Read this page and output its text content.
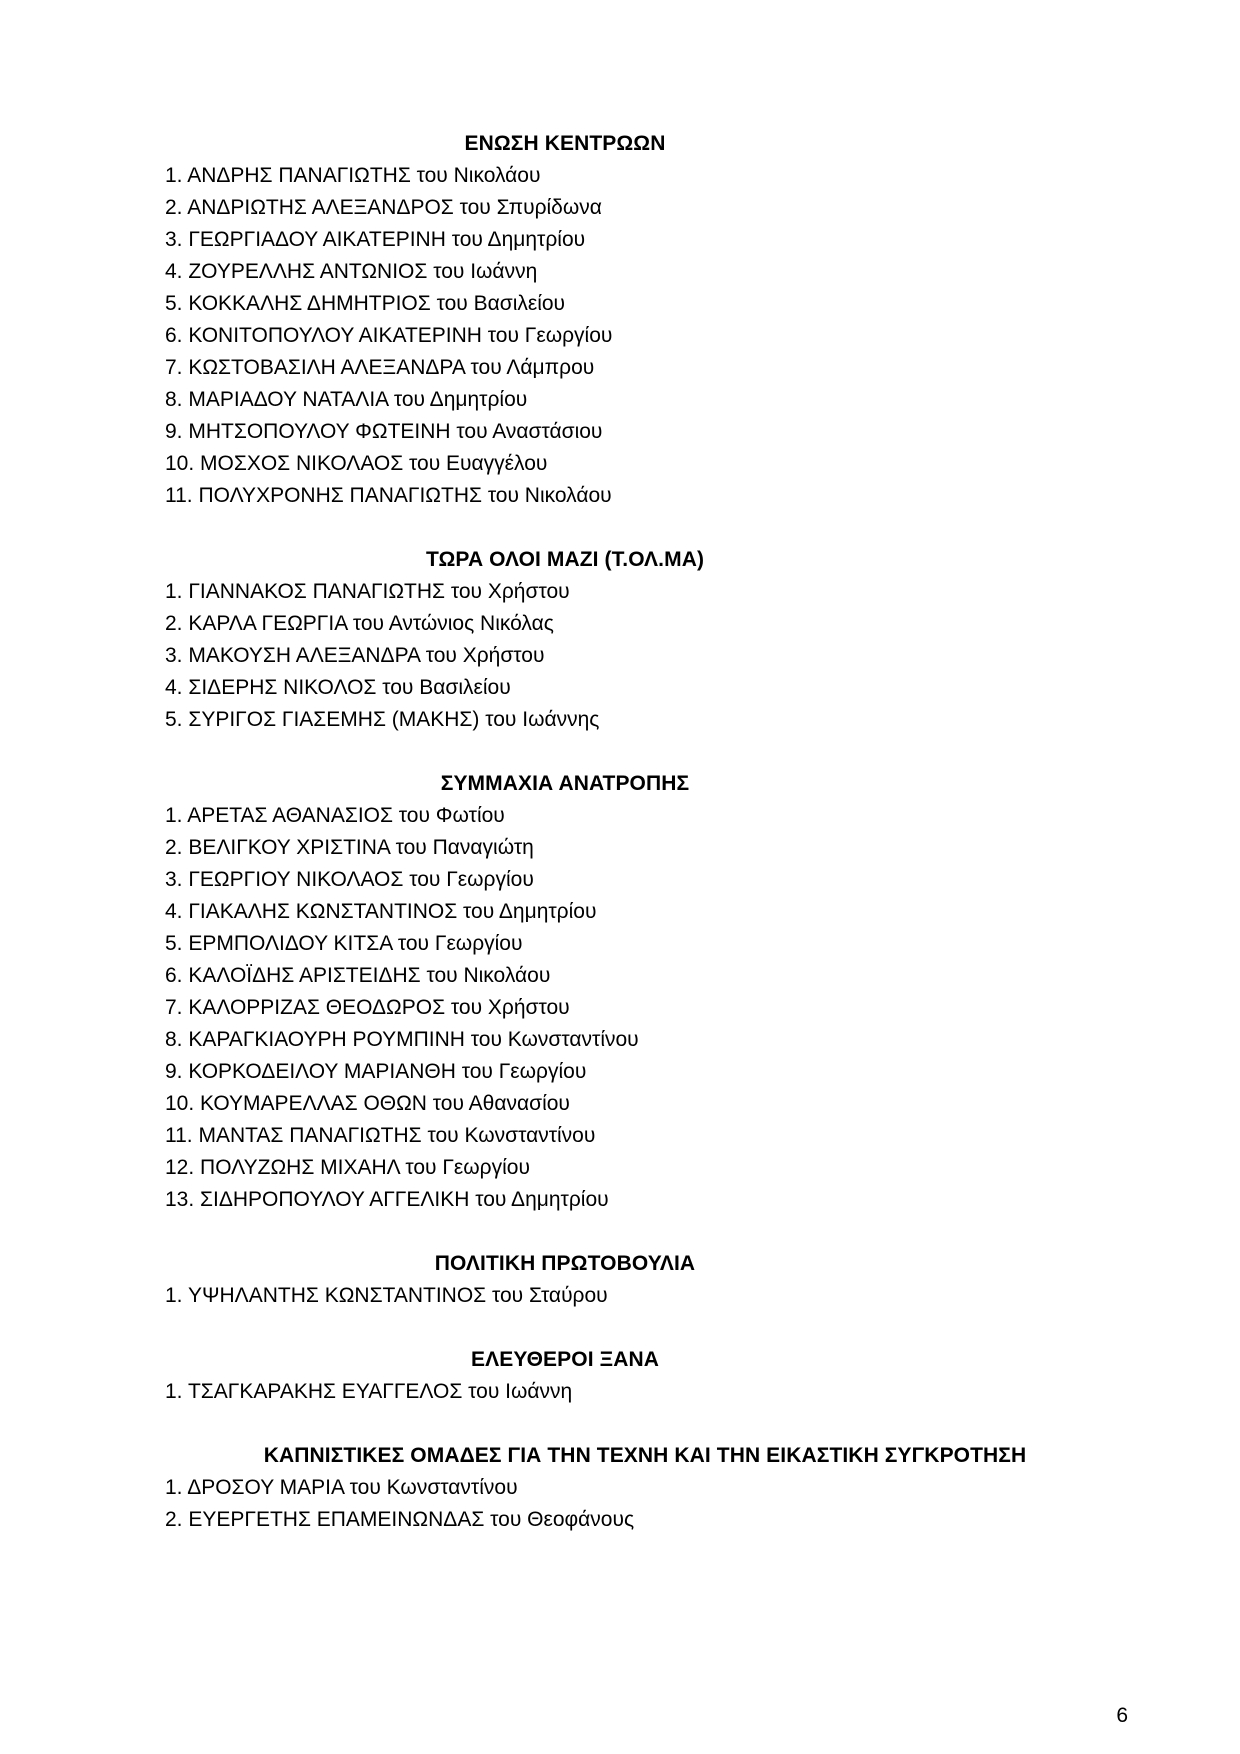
ΕΝΩΣΗ ΚΕΝΤΡΩΩΝ
1. ΑΝΔΡΗΣ ΠΑΝΑΓΙΩΤΗΣ του Νικολάου
2. ΑΝΔΡΙΩΤΗΣ ΑΛΕΞΑΝΔΡΟΣ του Σπυρίδωνα
3. ΓΕΩΡΓΙΑΔΟΥ ΑΙΚΑΤΕΡΙΝΗ του Δημητρίου
4. ΖΟΥΡΕΛΛΗΣ ΑΝΤΩΝΙΟΣ του Ιωάννη
5. ΚΟΚΚΑΛΗΣ ΔΗΜΗΤΡΙΟΣ του Βασιλείου
6. ΚΟΝΙΤΟΠΟΥΛΟΥ ΑΙΚΑΤΕΡΙΝΗ του Γεωργίου
7. ΚΩΣΤΟΒΑΣΙΛΗ ΑΛΕΞΑΝΔΡΑ του Λάμπρου
8. ΜΑΡΙΑΔΟΥ ΝΑΤΑΛΙΑ του Δημητρίου
9. ΜΗΤΣΟΠΟΥΛΟΥ ΦΩΤΕΙΝΗ του Αναστάσιου
10. ΜΟΣΧΟΣ ΝΙΚΟΛΑΟΣ του Ευαγγέλου
11. ΠΟΛΥΧΡΟΝΗΣ ΠΑΝΑΓΙΩΤΗΣ του Νικολάου
ΤΩΡΑ ΟΛΟΙ ΜΑΖΙ (Τ.ΟΛ.ΜΑ)
1. ΓΙΑΝΝΑΚΟΣ ΠΑΝΑΓΙΩΤΗΣ του Χρήστου
2. ΚΑΡΛΑ ΓΕΩΡΓΙΑ του Αντώνιος Νικόλας
3. ΜΑΚΟΥΣΗ ΑΛΕΞΑΝΔΡΑ του Χρήστου
4. ΣΙΔΕΡΗΣ ΝΙΚΟΛΟΣ του Βασιλείου
5. ΣΥΡΙΓΟΣ ΓΙΑΣΕΜΗΣ (ΜΑΚΗΣ) του Ιωάννης
ΣΥΜΜΑΧΙΑ ΑΝΑΤΡΟΠΗΣ
1. ΑΡΕΤΑΣ ΑΘΑΝΑΣΙΟΣ του Φωτίου
2. ΒΕΛΙΓΚΟΥ ΧΡΙΣΤΙΝΑ του Παναγιώτη
3. ΓΕΩΡΓΙΟΥ ΝΙΚΟΛΑΟΣ του Γεωργίου
4. ΓΙΑΚΑΛΗΣ ΚΩΝΣΤΑΝΤΙΝΟΣ του Δημητρίου
5. ΕΡΜΠΟΛΙΔΟΥ ΚΙΤΣΑ του Γεωργίου
6. ΚΑΛΟΪΔΗΣ ΑΡΙΣΤΕΙΔΗΣ του Νικολάου
7. ΚΑΛΟΡΡΙΖΑΣ ΘΕΟΔΩΡΟΣ του Χρήστου
8. ΚΑΡΑΓΚΙΑΟΥΡΗ ΡΟΥΜΠΙΝΗ του Κωνσταντίνου
9. ΚΟΡΚΟΔΕΙΛΟΥ ΜΑΡΙΑΝΘΗ του Γεωργίου
10. ΚΟΥΜΑΡΕΛΛΑΣ ΟΘΩΝ του Αθανασίου
11. ΜΑΝΤΑΣ ΠΑΝΑΓΙΩΤΗΣ του Κωνσταντίνου
12. ΠΟΛΥΖΩΗΣ ΜΙΧΑΗΛ του Γεωργίου
13. ΣΙΔΗΡΟΠΟΥΛΟΥ ΑΓΓΕΛΙΚΗ του Δημητρίου
ΠΟΛΙΤΙΚΗ ΠΡΩΤΟΒΟΥΛΙΑ
1. ΥΨΗΛΑΝΤΗΣ ΚΩΝΣΤΑΝΤΙΝΟΣ του Σταύρου
ΕΛΕΥΘΕΡΟΙ ΞΑΝΑ
1. ΤΣΑΓΚΑΡΑΚΗΣ ΕΥΑΓΓΕΛΟΣ του Ιωάννη
ΚΑΠΝΙΣΤΙΚΕΣ ΟΜΑΔΕΣ ΓΙΑ ΤΗΝ ΤΕΧΝΗ ΚΑΙ ΤΗΝ ΕΙΚΑΣΤΙΚΗ ΣΥΓΚΡΟΤΗΣΗ
1. ΔΡΟΣΟΥ ΜΑΡΙΑ του Κωνσταντίνου
2. ΕΥΕΡΓΕΤΗΣ ΕΠΑΜΕΙΝΩΝΔΑΣ του Θεοφάνους
6
